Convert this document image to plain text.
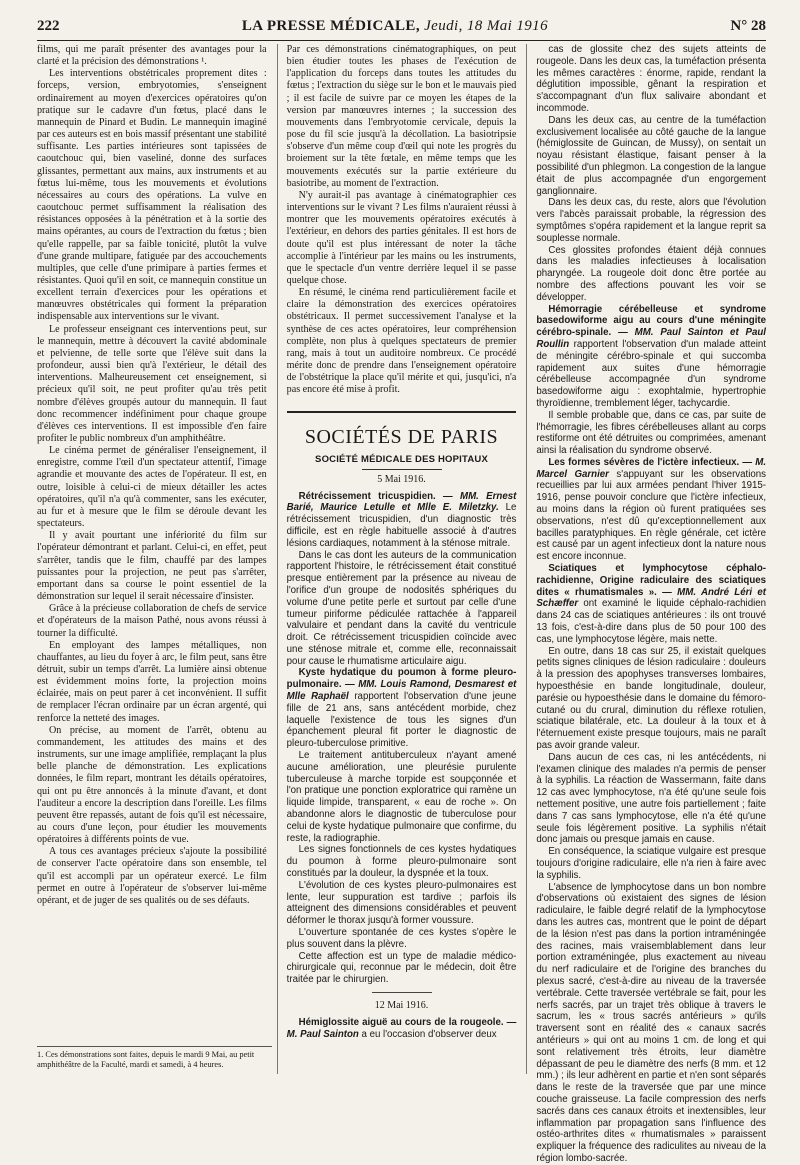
222	LA PRESSE MÉDICALE, Jeudi, 18 Mai 1916	N° 28

films, qui me paraît présenter des avantages pour la clarté et la précision des démonstrations ¹.

Les interventions obstétricales proprement dites : forceps, version, embryotomies, s'enseignent ordinairement au moyen d'exercices opératoires qu'on pratique sur le cadavre d'un fœtus, placé dans le mannequin de Pinard et Budin. Le mannequin imaginé par ces auteurs est en bois massif présentant une stabilité suffisante. Les parties intérieures sont tapissées de caoutchouc qui, bien vaseliné, donne des surfaces glissantes, permettant aux mains, aux instruments et au fœtus lui-même, tous les mouvements et évolutions nécessaires au cours des opérations. La vulve en caoutchouc permet suffisamment la réalisation des résistances opposées à la pénétration et à la sortie des mains opérantes, au cours de l'extraction du fœtus ; bien qu'elle rappelle, par sa faible tonicité, plutôt la vulve d'une grande multipare, fatiguée par des accouchements multiples, que celle d'une primipare à parties fermes et résistantes. Quoi qu'il en soit, ce mannequin constitue un excellent terrain d'exercices pour les opérations et manœuvres obstétricales qui forment la préparation indispensable aux interventions sur le vivant.

Le professeur enseignant ces interventions peut, sur le mannequin, mettre à découvert la cavité abdominale et pelvienne, de telle sorte que l'élève suit dans la profondeur, aussi bien qu'à l'extérieur, le détail des interventions. Malheureusement cet enseignement, si précieux qu'il soit, ne peut profiter qu'au très petit nombre d'élèves groupés autour du mannequin. Il faut donc recommencer indéfiniment pour chaque groupe d'élèves ces interventions. Il est impossible d'en faire profiter le public nombreux d'un amphithéâtre.

Le cinéma permet de généraliser l'enseignement, il enregistre, comme l'œil d'un spectateur attentif, l'image agrandie et mouvante des actes de l'opérateur. Il est, en outre, loisible à celui-ci de mieux détailler les actes opératoires, qu'il n'a qu'à commenter, sans les exécuter, au fur et à mesure que le film se déroule devant les spectateurs.

Il y avait pourtant une infériorité du film sur l'opérateur démontrant et parlant. Celui-ci, en effet, peut s'arrêter, tandis que le film, chauffé par des lampes puissantes pour la projection, ne peut pas s'arrêter, emportant dans sa course le point essentiel de la démonstration sur lequel il serait nécessaire d'insister.

Grâce à la précieuse collaboration de chefs de service et d'opérateurs de la maison Pathé, nous avons réussi à tourner la difficulté.

En employant des lampes métalliques, non chauffantes, au lieu du foyer à arc, le film peut, sans être détruit, subir un temps d'arrêt. La lumière ainsi obtenue est évidemment moins forte, la projection moins éclairée, mais on peut parer à cet inconvénient. Il suffit de remplacer l'écran ordinaire par un écran argenté, qui renforce la netteté des images.

On précise, au moment de l'arrêt, obtenu au commandement, les attitudes des mains et des instruments, sur une image amplifiée, remplaçant la plus belle planche de démonstration. Les explications données, le film repart, montrant les détails opératoires, qui ont pu être annoncés à la minute d'avant, et dont l'auditeur a encore la description dans l'oreille. Les films peuvent être repassés, autant de fois qu'il est nécessaire, au cours d'une leçon, pour étudier les mouvements opératoires à différents points de vue.

A tous ces avantages précieux s'ajoute la possibilité de conserver l'acte opératoire dans son ensemble, tel qu'il est accompli par un opérateur exercé. Le film permet en outre à l'opérateur de s'observer lui-même opérant, et de juger de ses qualités ou de ses défauts.

Par ces démonstrations cinématographiques, on peut bien étudier toutes les phases de l'exécution de l'application du forceps dans toutes les attitudes du fœtus ; l'extraction du siège sur le bon et le mauvais pied ; il est facile de suivre par ce moyen les étapes de la version par manœuvres internes ; la succession des mouvements dans l'embryotomie cervicale, depuis la pose du fil scie jusqu'à la décollation. La basiotripsie s'observe d'un même coup d'œil qui note les progrès du broiement sur la tête fœtale, en même temps que les mouvements exécutés sur la partie extérieure du basiotribe, au moment de l'extraction.

N'y aurait-il pas avantage à cinématographier ces interventions sur le vivant ? Les films n'auraient réussi à montrer que les mouvements opératoires exécutés à l'extérieur, en dehors des parties génitales. Il est hors de doute qu'il est plus intéressant de noter la tâche accomplie à l'intérieur par les mains ou les instruments, que le spectacle d'un ventre derrière lequel il se passe quelque chose.

En résumé, le cinéma rend particulièrement facile et claire la démonstration des exercices opératoires obstétricaux. Il permet successivement l'analyse et la synthèse de ces actes opératoires, leur compréhension complète, non plus à quelques spectateurs de premier rang, mais à tout un auditoire nombreux. Ce procédé mérite donc de prendre dans l'enseignement opératoire de l'obstétrique la place qu'il mérite et qui, jusqu'ici, n'a pas encore été mise à profit.

SOCIÉTÉS DE PARIS
SOCIÉTÉ MÉDICALE DES HOPITAUX
5 Mai 1916.

Rétrécissement tricuspidien. — MM. Ernest Barié, Maurice Letulle et Mlle E. Miletzky. Le rétrécissement tricuspidien, d'un diagnostic très difficile, est en règle habituelle associé à d'autres lésions cardiaques, notamment à la sténose mitrale.

Dans le cas dont les auteurs de la communication rapportent l'histoire, le rétrécissement était constitué presque entièrement par la présence au niveau de l'orifice d'un groupe de nodosités sphériques du volume d'une petite perle et surtout par celle d'une tumeur piriforme pédiculée rattachée à l'appareil valvulaire et pendant dans la cavité du ventricule droit. Ce rétrécissement tricuspidien coïncide avec une sténose mitrale et, comme elle, reconnaissait pour cause le rhumatisme articulaire aigu.

Kyste hydatique du poumon à forme pleuro-pulmonaire. — MM. Louis Ramond, Desmarest et Mlle Raphaël rapportent l'observation d'une jeune fille de 21 ans, sans antécédent morbide, chez laquelle l'existence de tous les signes d'un épanchement pleural fit porter le diagnostic de pleuro-tuberculose primitive.

Le traitement antituberculeux n'ayant amené aucune amélioration, une pleurésie purulente tuberculeuse à marche torpide est soupçonnée et l'on pratique une ponction exploratrice qui ramène un liquide limpide, transparent, « eau de roche ». On abandonne alors le diagnostic de tuberculose pour celui de kyste hydatique pulmonaire que confirme, du reste, la radiographie.

Les signes fonctionnels de ces kystes hydatiques du poumon à forme pleuro-pulmonaire sont constitués par la douleur, la dyspnée et la toux.

L'évolution de ces kystes pleuro-pulmonaires est lente, leur suppuration est tardive ; parfois ils atteignent des dimensions considérables et peuvent déformer le thorax jusqu'à former voussure.

L'ouverture spontanée de ces kystes s'opère le plus souvent dans la plèvre.

Cette affection est un type de maladie médico-chirurgicale qui, reconnue par le médecin, doit être traitée par le chirurgien.

12 Mai 1916.

Hémiglossite aiguë au cours de la rougeole. — M. Paul Sainton a eu l'occasion d'observer deux

cas de glossite chez des sujets atteints de rougeole. Dans les deux cas, la tuméfaction présenta les mêmes caractères : énorme, rapide, rendant la déglutition impossible, gênant la respiration et s'accompagnant d'un flux salivaire abondant et incommode.

Dans les deux cas, au centre de la tuméfaction exclusivement localisée au côté gauche de la langue (hémiglossite de Guincan, de Mussy), on sentait un noyau résistant élastique, faisant penser à la possibilité d'un phlegmon. La congestion de la langue était de plus accompagnée d'un engorgement ganglionnaire.

Dans les deux cas, du reste, alors que l'évolution vers l'abcès paraissait probable, la régression des symptômes s'opéra rapidement et la langue reprit sa souplesse normale.

Ces glossites profondes étaient déjà connues dans les maladies infectieuses à localisation pharyngée. La rougeole doit donc être portée au nombre des affections pouvant les voir se développer.

Hémorragie cérébelleuse et syndrome basedowiforme aigu au cours d'une méningite cérébro-spinale. — MM. Paul Sainton et Paul Roullin rapportent l'observation d'un malade atteint de méningite cérébro-spinale et qui succomba rapidement aux suites d'une hémorragie cérébelleuse accompagnée d'un syndrome basedowiforme aigu : exophtalmie, hypertrophie thyroïdienne, tremblement léger, tachycardie.

Il semble probable que, dans ce cas, par suite de l'hémorragie, les fibres cérébelleuses allant au corps restiforme ont été détruites ou comprimées, amenant ainsi la réalisation du syndrome observé.

Les formes sévères de l'ictère infectieux. — M. Marcel Garnier s'appuyant sur les observations recueillies par lui aux armées pendant l'hiver 1915-1916, pense pouvoir conclure que l'ictère infectieux, au moins dans la région où furent pratiquées ses observations, n'est dû qu'exceptionnellement aux bacilles paratyphiques. En règle générale, cet ictère est causé par un agent infectieux dont la nature nous est encore inconnue.

Sciatiques et lymphocytose céphalo-rachidienne, Origine radiculaire des sciatiques dites « rhumatismales ». — MM. André Léri et Schæffer ont examiné le liquide céphalo-rachidien dans 24 cas de sciatiques antérieures : ils ont trouvé 13 fois, c'est-à-dire dans plus de 50 pour 100 des cas, une lymphocytose légère, mais nette.

En outre, dans 18 cas sur 25, il existait quelques petits signes cliniques de lésion radiculaire : douleurs à la pression des apophyses transverses lombaires, hypoesthésie en bande longitudinale, douleur, parésie ou hypoesthésie dans le domaine du fémoro-cutané ou du crural, diminution du réflexe rotulien, sciatique bilatérale, etc. La douleur à la toux et à l'éternuement existe presque toujours, mais ne paraît pas avoir grande valeur.

Dans aucun de ces cas, ni les antécédents, ni l'examen clinique des malades n'a permis de penser à la syphilis. La réaction de Wassermann, faite dans 12 cas avec lymphocytose, n'a été qu'une seule fois nettement positive, une autre fois partiellement ; faite dans 7 cas sans lymphocytose, elle n'a été qu'une seule fois légèrement positive. La syphilis n'était donc jamais ou presque jamais en cause.

En conséquence, la sciatique vulgaire est presque toujours d'origine radiculaire, elle n'a rien à faire avec la syphilis.

L'absence de lymphocytose dans un bon nombre d'observations où existaient des signes de lésion radiculaire, le faible degré relatif de la lymphocytose dans les autres cas, montrent que le point de départ de la lésion n'est pas dans la portion intraméningée des racines, mais vraisemblablement dans leur portion extraméningée, plus exactement au niveau du nerf radiculaire et de l'origine des branches du plexus sacré, c'est-à-dire au niveau de la traversée vertébrale. Cette traversée vertébrale se fait, pour les nerfs sacrés, par un trajet très oblique à travers le sacrum, les « trous sacrés antérieurs » qu'ils traversent sont en réalité des « canaux sacrés antérieurs » qui ont au moins 1 cm. de long et qui sont relativement très étroits, leur diamètre dépassant de peu le diamètre des nerfs (8 mm. et 12 mm.) ; ils leur adhèrent en partie et n'en sont séparés dans le reste de la traversée que par une mince couche graisseuse. La facile compression des nerfs sacrés dans ces canaux étroits et inextensibles, leur inflammation par propagation sans l'influence des ostéo-arthrites dites « rhumatismales » paraissent expliquer la fréquence des radiculites au niveau de la région lombo-sacrée.

1. Ces démonstrations sont faites, depuis le mardi 9 Mai, au petit amphithéâtre de la Faculté, mardi et samedi, à 4 heures.
